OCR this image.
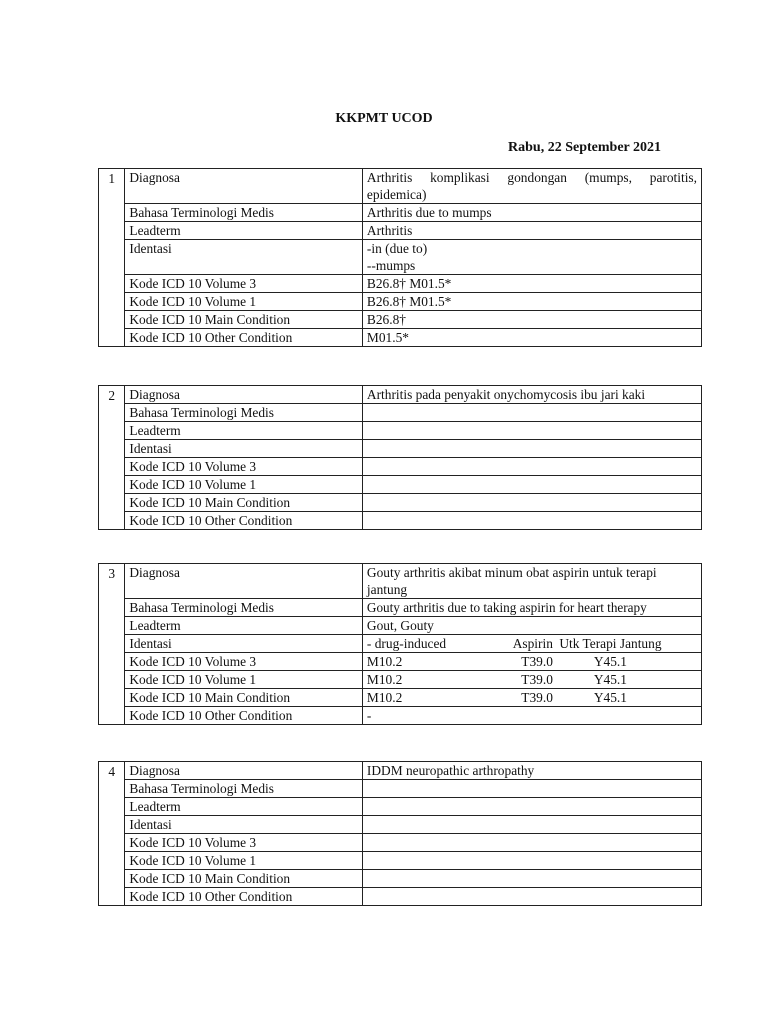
KKPMT UCOD
Rabu, 22 September 2021
1	Diagnosa	Arthritis komplikasi gondongan (mumps, parotitis, epidemica)
	Bahasa Terminologi Medis	Arthritis due to mumps
	Leadterm	Arthritis
	Identasi	-in (due to)
--mumps

	Kode ICD 10 Volume 3	B26.8† M01.5*
	Kode ICD 10 Volume 1	B26.8† M01.5*
	Kode ICD 10 Main Condition	B26.8†
	Kode ICD 10 Other Condition	M01.5*
2	Diagnosa	Arthritis pada penyakit onychomycosis ibu jari kaki
	Bahasa Terminologi Medis	
	Leadterm	
	Identasi	
	Kode ICD 10 Volume 3	
	Kode ICD 10 Volume 1	
	Kode ICD 10 Main Condition	
	Kode ICD 10 Other Condition	
3	Diagnosa	Gouty arthritis akibat minum obat aspirin untuk terapi jantung
	Bahasa Terminologi Medis	Gouty arthritis due to taking aspirin for heart therapy
	Leadterm	Gout, Gouty
	Identasi	- drug-induced Aspirin Utk Terapi Jantung

	Kode ICD 10 Volume 3	M10.2 T39.0 Y45.1

	Kode ICD 10 Volume 1	M10.2 T39.0 Y45.1

	Kode ICD 10 Main Condition	M10.2 T39.0 Y45.1

	Kode ICD 10 Other Condition	-
4	Diagnosa	IDDM neuropathic arthropathy
	Bahasa Terminologi Medis	
	Leadterm	
	Identasi	
	Kode ICD 10 Volume 3	
	Kode ICD 10 Volume 1	
	Kode ICD 10 Main Condition	
	Kode ICD 10 Other Condition	
